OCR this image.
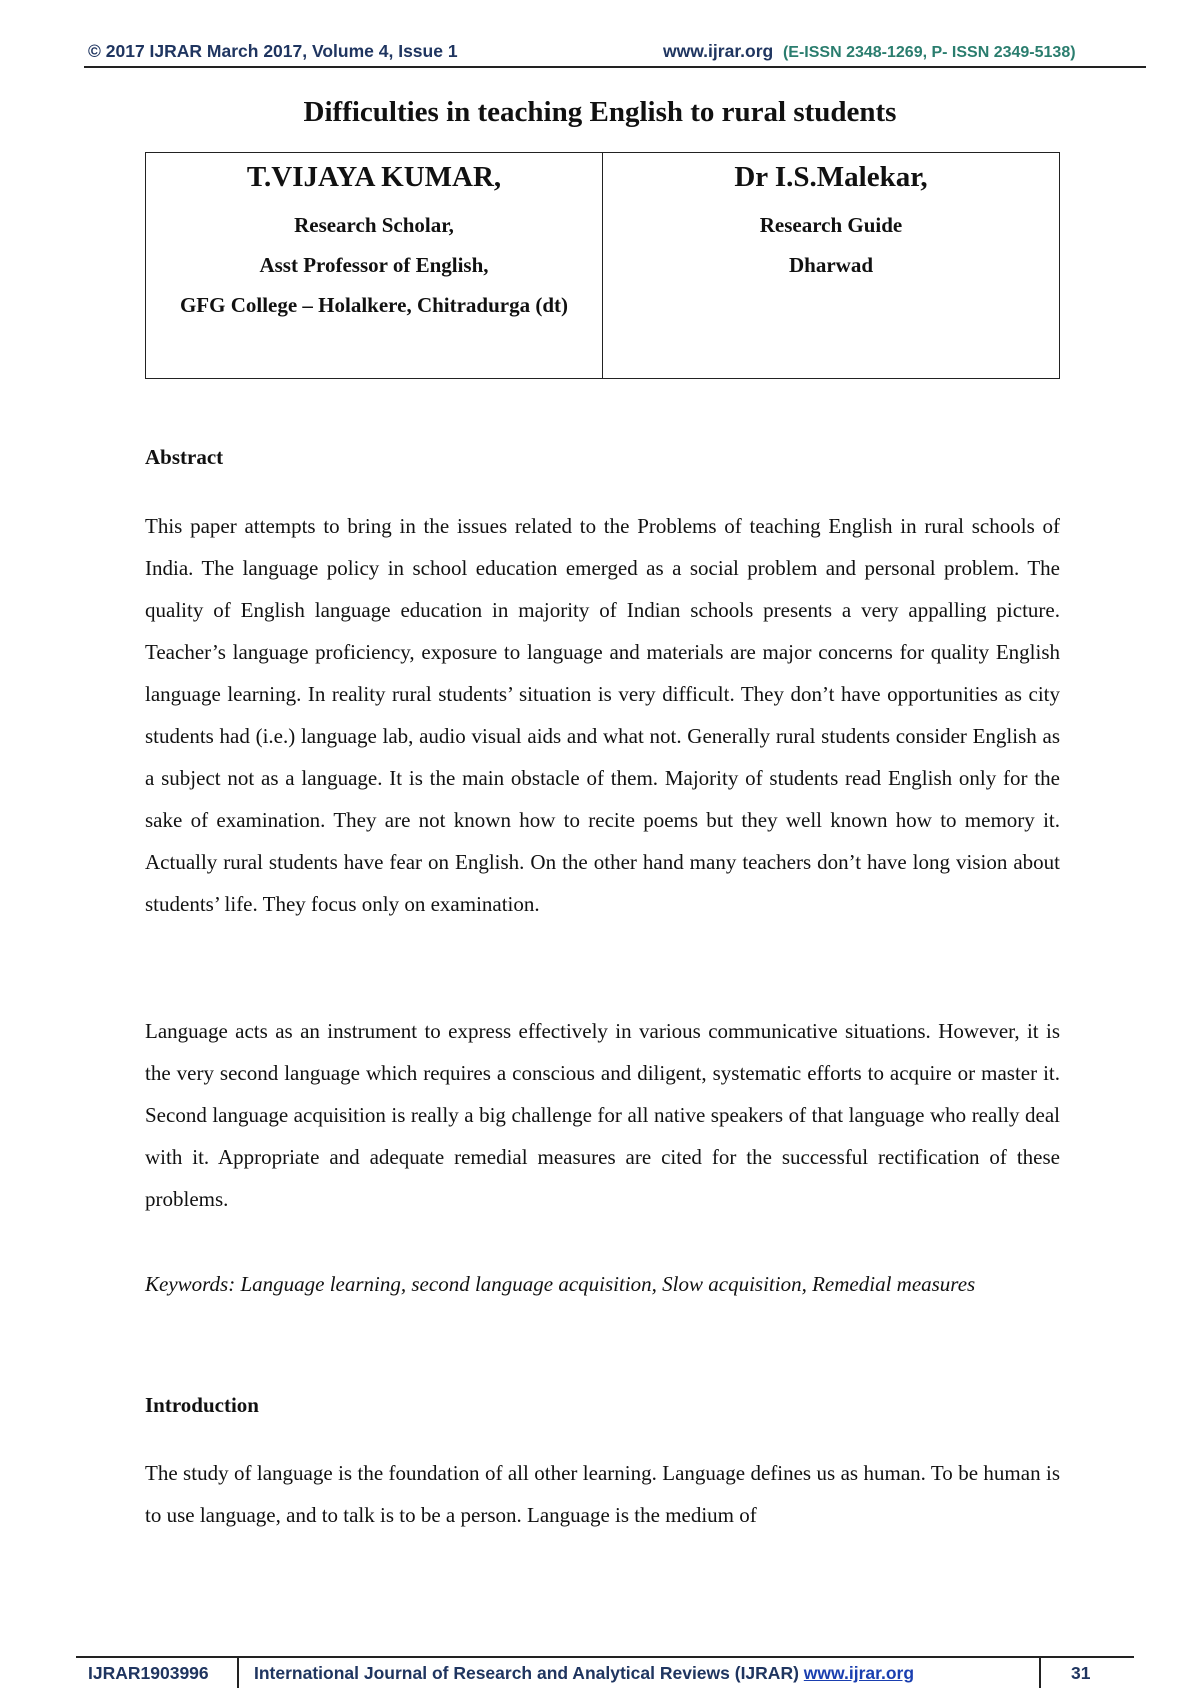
© 2017 IJRAR March 2017, Volume 4, Issue 1	www.ijrar.org (E-ISSN 2348-1269, P- ISSN 2349-5138)
Difficulties in teaching English to rural students
T.VIJAYA KUMAR,
Research Scholar,
Asst Professor of English,
GFG College – Holalkere, Chitradurga (dt)
Dr I.S.Malekar,
Research Guide
Dharwad
Abstract
This paper attempts to bring in the issues related to the Problems of teaching English in rural schools of India. The language policy in school education emerged as a social problem and personal problem. The quality of English language education in majority of Indian schools presents a very appalling picture. Teacher’s language proficiency, exposure to language and materials are major concerns for quality English language learning. In reality rural students’ situation is very difficult. They don’t have opportunities as city students had (i.e.) language lab, audio visual aids and what not. Generally rural students consider English as a subject not as a language. It is the main obstacle of them. Majority of students read English only for the sake of examination. They are not known how to recite poems but they well known how to memory it. Actually rural students have fear on English. On the other hand many teachers don’t have long vision about students’ life. They focus only on examination.
Language acts as an instrument to express effectively in various communicative situations. However, it is the very second language which requires a conscious and diligent, systematic efforts to acquire or master it. Second language acquisition is really a big challenge for all native speakers of that language who really deal with it. Appropriate and adequate remedial measures are cited for the successful rectification of these problems.
Keywords: Language learning, second language acquisition, Slow acquisition, Remedial measures
Introduction
The study of language is the foundation of all other learning. Language defines us as human. To be human is to use language, and to talk is to be a person. Language is the medium of
IJRAR1903996	International Journal of Research and Analytical Reviews (IJRAR) www.ijrar.org	31
